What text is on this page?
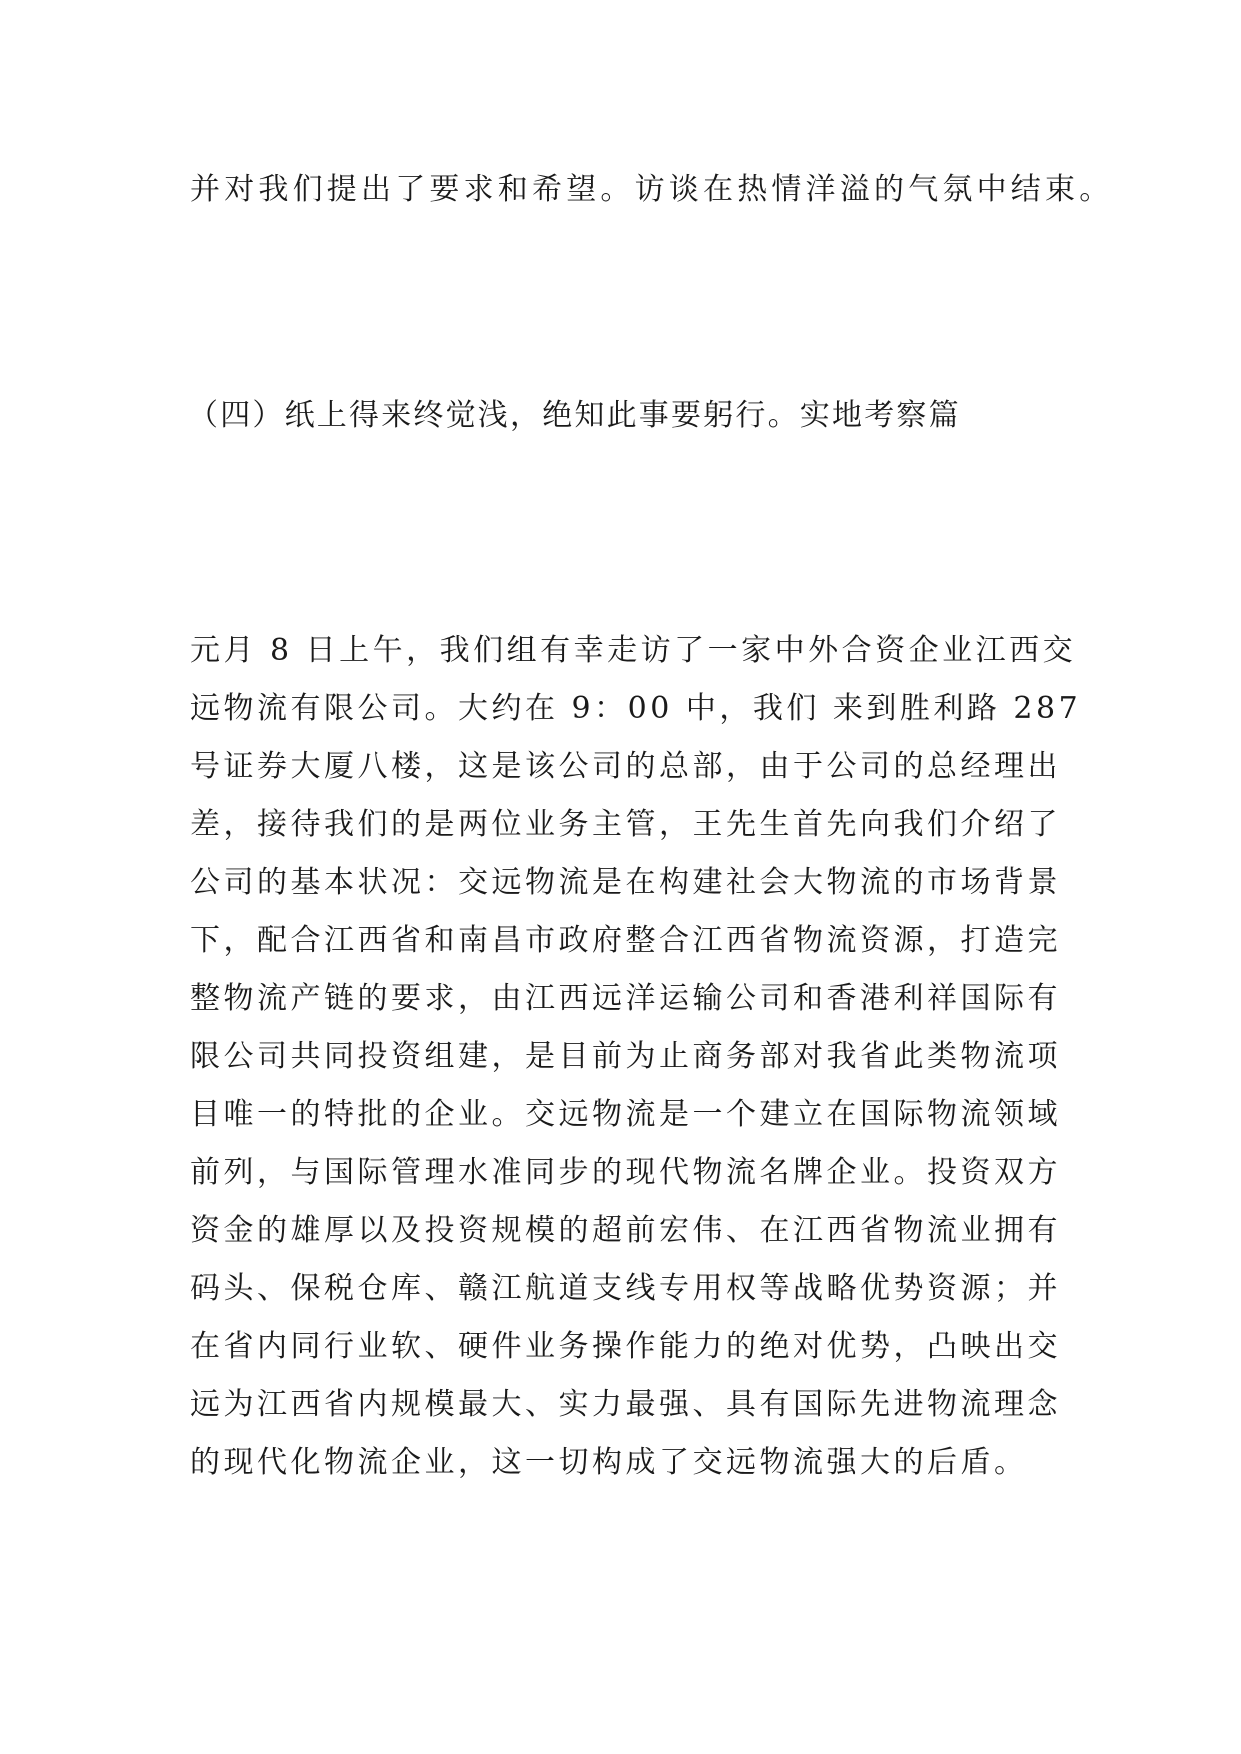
并对我们提出了要求和希望。访谈在热情洋溢的气氛中结束。
（四）纸上得来终觉浅，绝知此事要躬行。实地考察篇
元月 8 日上午，我们组有幸走访了一家中外合资企业江西交
远物流有限公司。大约在 9：00 中，我们 来到胜利路 287
号证券大厦八楼，这是该公司的总部，由于公司的总经理出
差，接待我们的是两位业务主管，王先生首先向我们介绍了
公司的基本状况：交远物流是在构建社会大物流的市场背景
下，配合江西省和南昌市政府整合江西省物流资源，打造完
整物流产链的要求，由江西远洋运输公司和香港利祥国际有
限公司共同投资组建，是目前为止商务部对我省此类物流项
目唯一的特批的企业。交远物流是一个建立在国际物流领域
前列，与国际管理水准同步的现代物流名牌企业。投资双方
资金的雄厚以及投资规模的超前宏伟、在江西省物流业拥有
码头、保税仓库、赣江航道支线专用权等战略优势资源；并
在省内同行业软、硬件业务操作能力的绝对优势，凸映出交
远为江西省内规模最大、实力最强、具有国际先进物流理念
的现代化物流企业，这一切构成了交远物流强大的后盾。
